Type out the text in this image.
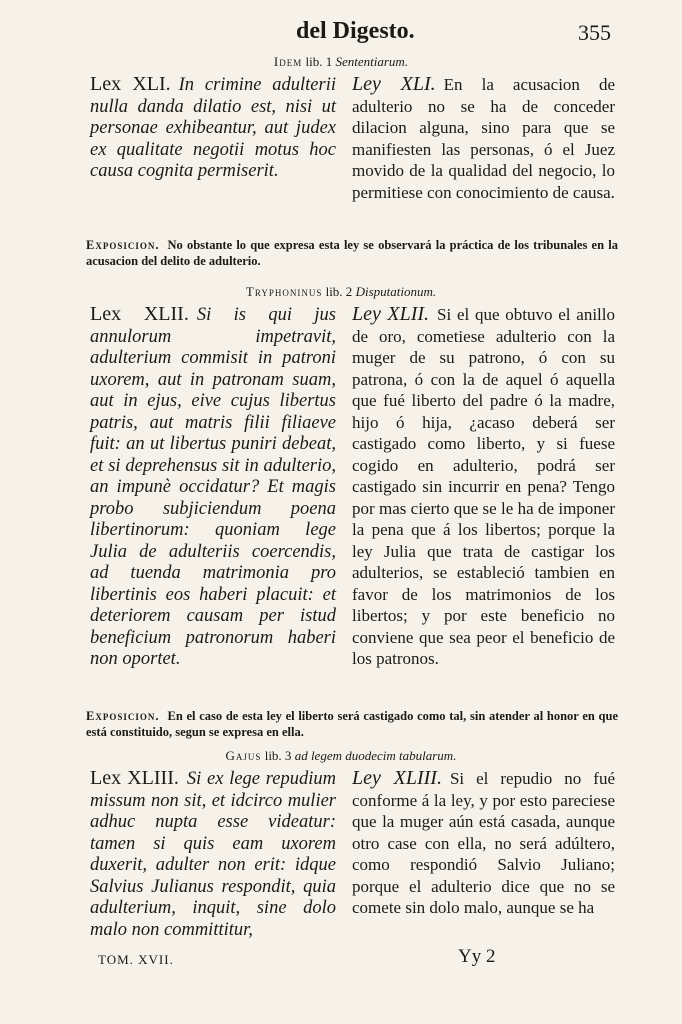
del Digesto.	355
Idem lib. 1 Sententiarum.
Lex XLI. In crimine adulterii nulla danda dilatio est, nisi ut personae exhibeantur, aut judex ex qualitate negotii motus hoc causa cognita permiserit.
Ley XLI. En la acusacion de adulterio no se ha de conceder dilacion alguna, sino para que se manifiesten las personas, ó el Juez movido de la qualidad del negocio, lo permitiese con conocimiento de causa.
Exposicion. No obstante lo que expresa esta ley se observará la práctica de los tribunales en la acusacion del delito de adulterio.
Tryphoninus lib. 2 Disputationum.
Lex XLII. Si is qui jus annulorum impetravit, adulterium commisit in patroni uxorem, aut in patronam suam, aut in ejus, eive cujus libertus patris, aut matris filii filiaeve fuit: an ut libertus puniri debeat, et si deprehensus sit in adulterio, an impunè occidatur? Et magis probo subjiciendum poena libertinorum: quoniam lege Julia de adulteriis coercendis, ad tuenda matrimonia pro libertinis eos haberi placuit: et deteriorem causam per istud beneficium patronorum haberi non oportet.
Ley XLII. Si el que obtuvo el anillo de oro, cometiese adulterio con la muger de su patrono, ó con su patrona, ó con la de aquel ó aquella que fué liberto del padre ó la madre, hijo ó hija, ¿acaso deberá ser castigado como liberto, y si fuese cogido en adulterio, podrá ser castigado sin incurrir en pena? Tengo por mas cierto que se le ha de imponer la pena que á los libertos; porque la ley Julia que trata de castigar los adulterios, se estableció tambien en favor de los matrimonios de los libertos; y por este beneficio no conviene que sea peor el beneficio de los patronos.
Exposicion. En el caso de esta ley el liberto será castigado como tal, sin atender al honor en que está constituido, segun se expresa en ella.
Gajus lib. 3 ad legem duodecim tabularum.
Lex XLIII. Si ex lege repudium missum non sit, et idcirco mulier adhuc nupta esse videatur: tamen si quis eam uxorem duxerit, adulter non erit: idque Salvius Julianus respondit, quia adulterium, inquit, sine dolo malo non committitur,
Ley XLIII. Si el repudio no fué conforme á la ley, y por esto pareciese que la muger aún está casada, aunque otro case con ella, no será adúltero, como respondió Salvio Juliano; porque el adulterio dice que no se comete sin dolo malo, aunque se ha
TOM. XVII.	Yy 2
